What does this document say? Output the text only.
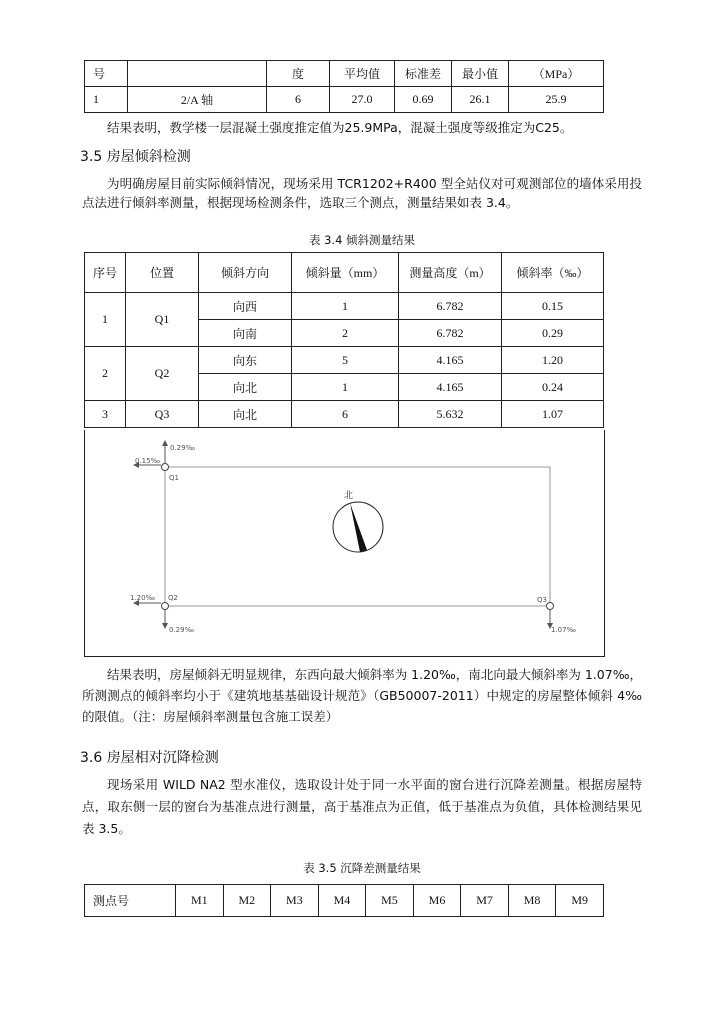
号		度	平均值	标准差	最小值	（MPa）
1	2/A 轴	6	27.0	0.69	26.1	25.9

结果表明，教学楼一层混凝土强度推定值为25.9MPa，混凝土强度等级推定为C25。

3.5 房屋倾斜检测

为明确房屋目前实际倾斜情况，现场采用 TCR1202+R400 型全站仪对可观测部位的墙体采用投点法进行倾斜率测量，根据现场检测条件，选取三个测点，测量结果如表 3.4。

表 3.4 倾斜测量结果
序号	位置	倾斜方向	倾斜量（mm）	测量高度（m）	倾斜率（‰）
1	Q1	向西	1	6.782	0.15
		向南	2	6.782	0.29
2	Q2	向东	5	4.165	1.20
		向北	1	4.165	0.24
3	Q3	向北	6	5.632	1.07
Q1
0.29‰
0.15‰
Q2
1.20‰
0.29‰
Q3
1.07‰
北

结果表明，房屋倾斜无明显规律，东西向最大倾斜率为 1.20‰，南北向最大倾斜率为 1.07‰，所测测点的倾斜率均小于《建筑地基基础设计规范》（GB50007-2011）中规定的房屋整体倾斜 4‰的限值。（注：房屋倾斜率测量包含施工误差）

3.6 房屋相对沉降检测

现场采用 WILD NA2 型水准仪，选取设计处于同一水平面的窗台进行沉降差测量。根据房屋特点，取东侧一层的窗台为基准点进行测量，高于基准点为正值，低于基准点为负值，具体检测结果见表 3.5。

表 3.5 沉降差测量结果
测点号	M1	M2	M3	M4	M5	M6	M7	M8	M9
